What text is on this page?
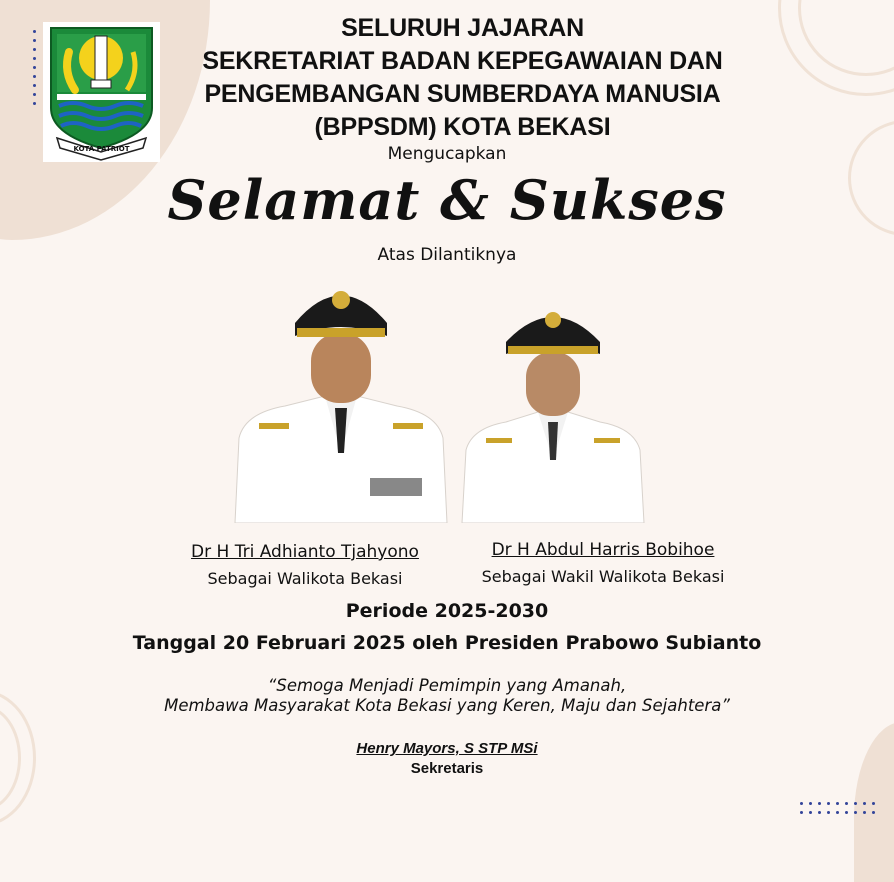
KOTA PATRIOT
SELURUH JAJARAN
SEKRETARIAT BADAN KEPEGAWAIAN DAN
PENGEMBANGAN SUMBERDAYA MANUSIA
(BPPSDM) KOTA BEKASI
Mengucapkan
Selamat & Sukses
Atas Dilantiknya
Dr H Tri Adhianto Tjahyono
Sebagai Walikota Bekasi
Dr H Abdul Harris Bobihoe
Sebagai Wakil Walikota Bekasi
Periode 2025-2030
Tanggal 20 Februari 2025 oleh Presiden Prabowo Subianto
“Semoga Menjadi Pemimpin yang Amanah,
Membawa Masyarakat Kota Bekasi yang Keren, Maju dan Sejahtera”
Henry Mayors, S STP MSi
Sekretaris
